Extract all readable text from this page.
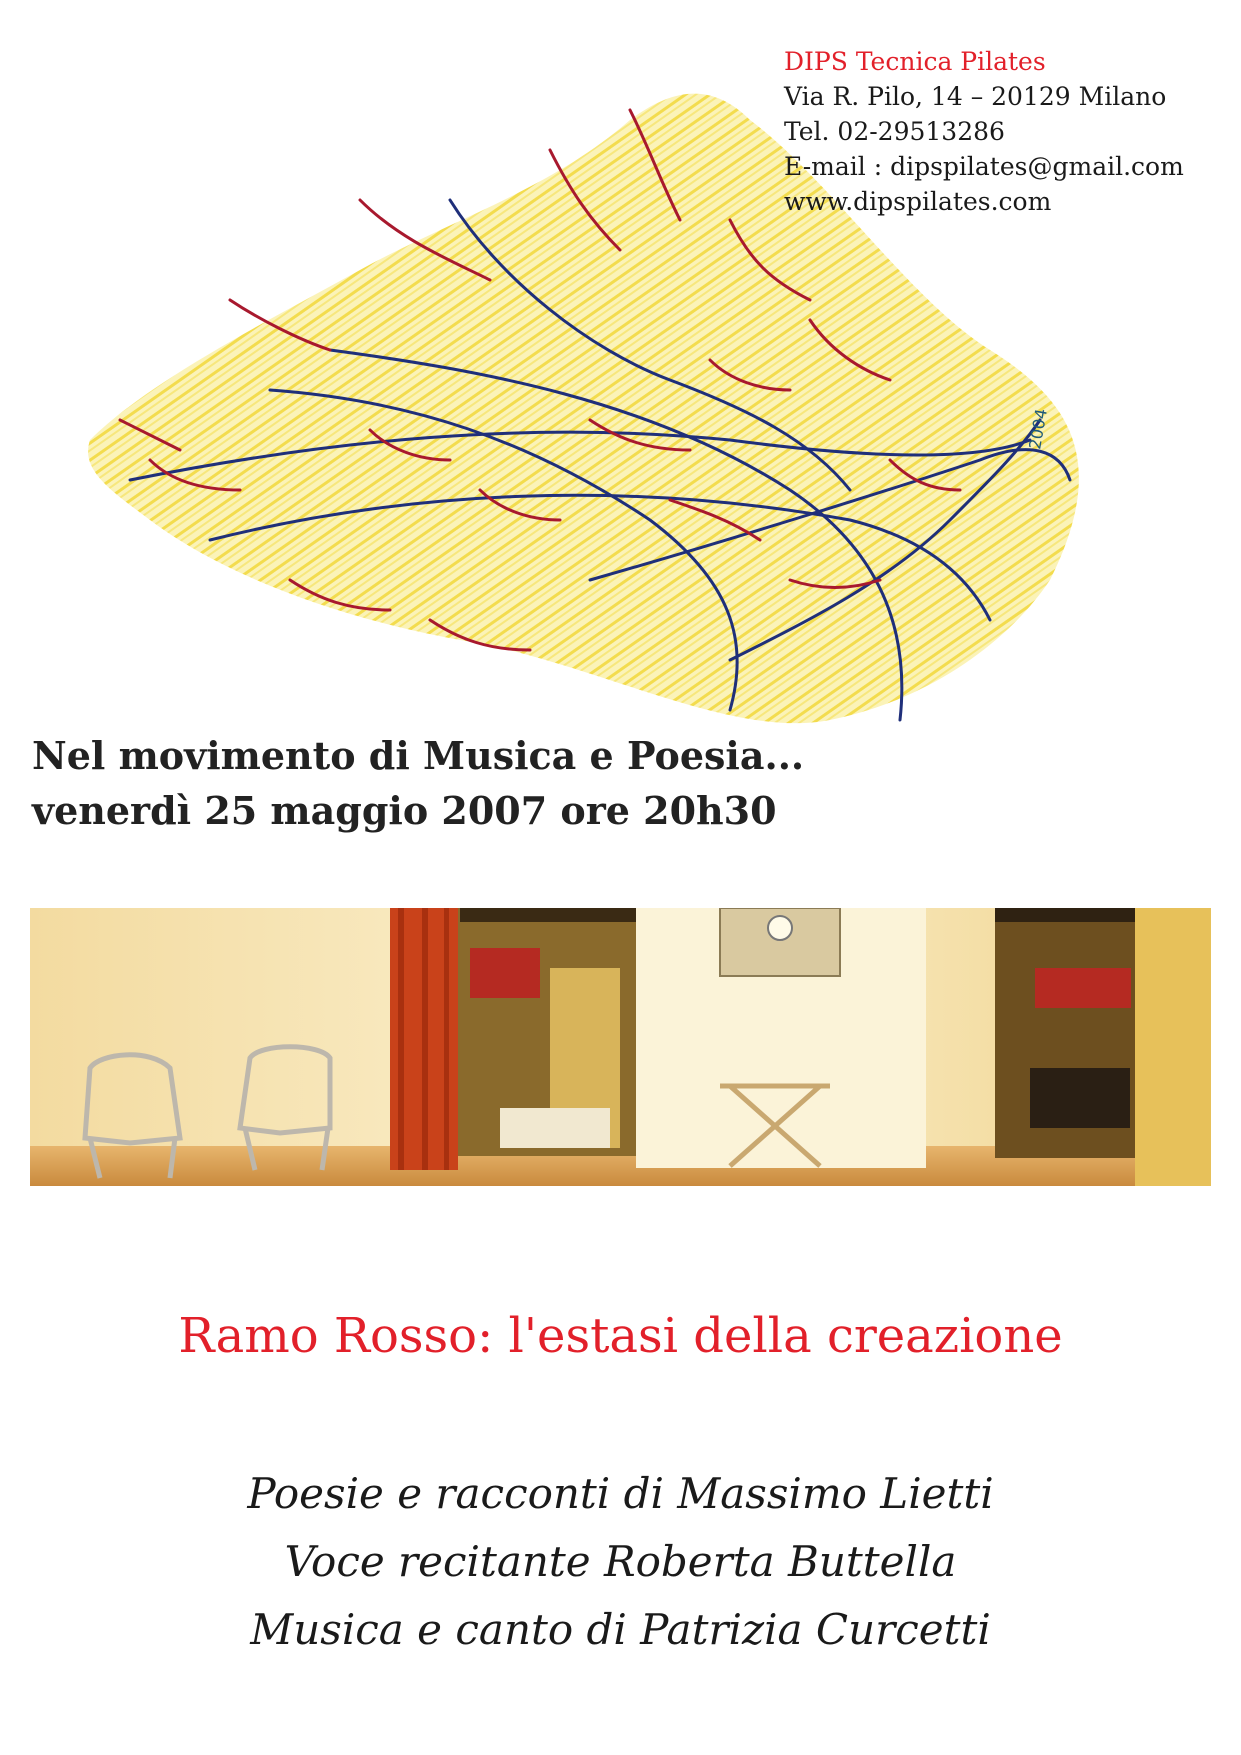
2004
DIPS Tecnica Pilates
Via R. Pilo, 14 – 20129 Milano
Tel. 02-29513286
E-mail : dipspilates@gmail.com
www.dipspilates.com
Nel movimento di Musica e Poesia...
venerdì 25 maggio 2007 ore 20h30
Ramo Rosso: l'estasi della creazione
Poesie e racconti di Massimo Lietti
Voce recitante Roberta Buttella
Musica e canto di Patrizia Curcetti
